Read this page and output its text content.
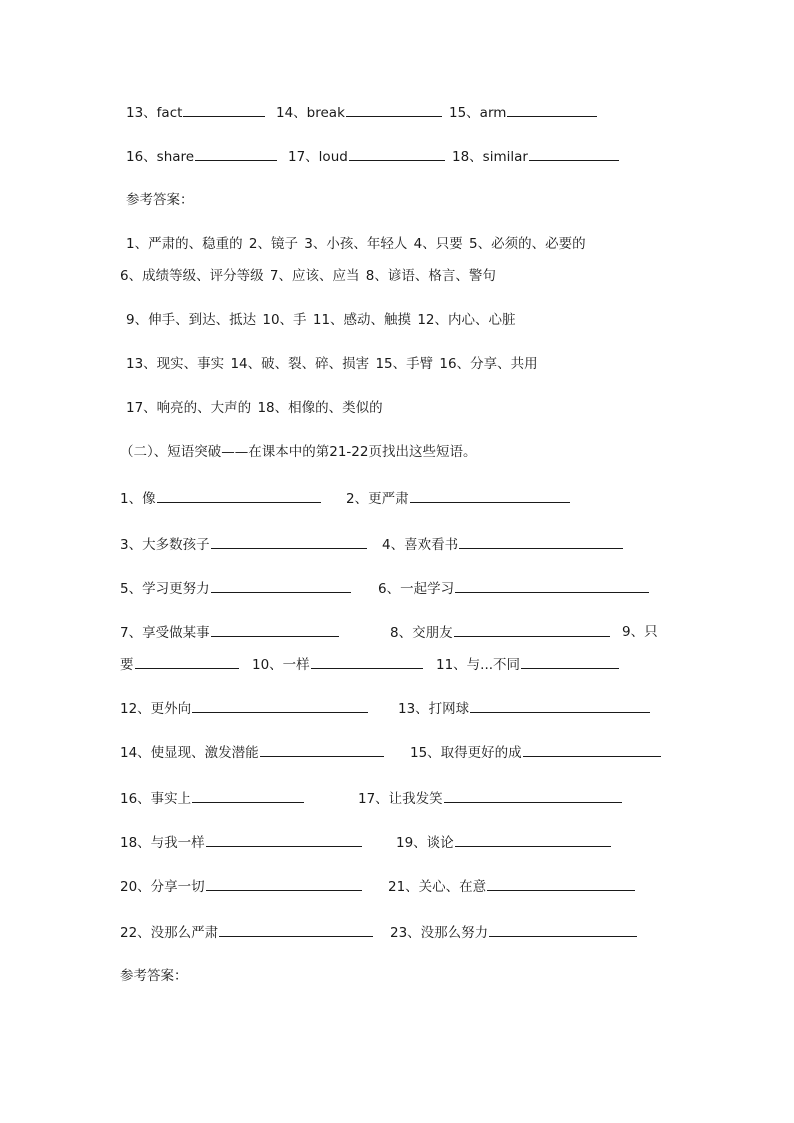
13、fact	14、break	15、arm
16、share	17、loud	18、similar
参考答案：
1、严肃的、稳重的 2、镜子 3、小孩、年轻人 4、只要 5、必须的、必要的
6、成绩等级、评分等级 7、应该、应当 8、谚语、格言、警句
9、伸手、到达、抵达 10、手 11、感动、触摸 12、内心、心脏
13、现实、事实 14、破、裂、碎、损害 15、手臂 16、分享、共用
17、响亮的、大声的 18、相像的、类似的
（二）、短语突破——在课本中的第21-22页找出这些短语。
1、像	2、更严肃
3、大多数孩子	4、喜欢看书
5、学习更努力	6、一起学习
7、享受做某事	8、交朋友	9、只
要	10、一样	11、与...不同
12、更外向	13、打网球
14、使显现、激发潜能	15、取得更好的成
16、事实上	17、让我发笑
18、与我一样	19、谈论
20、分享一切	21、关心、在意
22、没那么严肃	23、没那么努力
参考答案：
